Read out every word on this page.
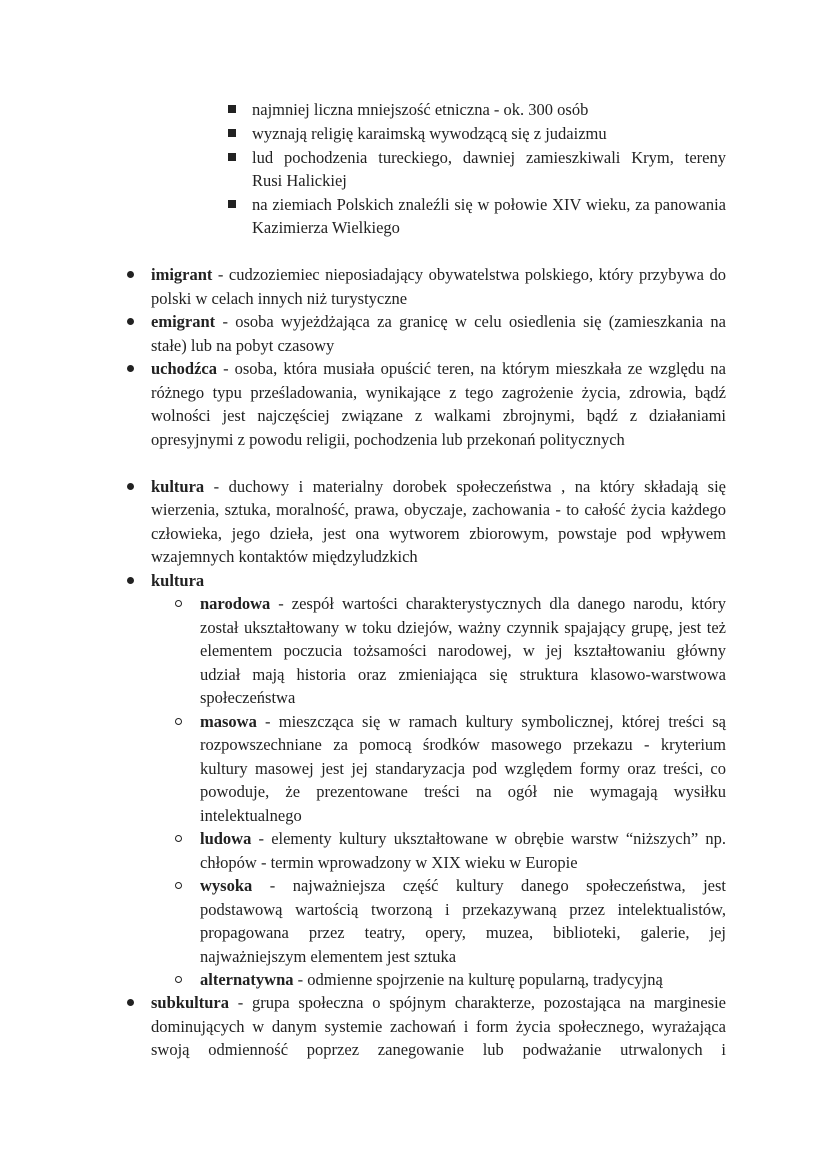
najmniej liczna mniejszość etniczna - ok. 300 osób
wyznają religię karaimską wywodzącą się z judaizmu
lud pochodzenia tureckiego, dawniej zamieszkiwali Krym, tereny
Rusi Halickiej
na ziemiach Polskich znaleźli się w połowie XIV wieku, za panowania
Kazimierza Wielkiego
imigrant - cudzoziemiec nieposiadający obywatelstwa polskiego, który przybywa do
polski w celach innych niż turystyczne
emigrant - osoba wyjeżdżająca za granicę w celu osiedlenia się (zamieszkania na
stałe) lub na pobyt czasowy
uchodźca - osoba, która musiała opuścić teren, na którym mieszkała ze względu na
różnego typu prześladowania, wynikające z tego zagrożenie życia, zdrowia, bądź
wolności jest najczęściej związane z walkami zbrojnymi, bądź z działaniami
opresyjnymi z powodu religii, pochodzenia lub przekonań politycznych
kultura - duchowy i materialny dorobek społeczeństwa , na który składają się
wierzenia, sztuka, moralność, prawa, obyczaje, zachowania - to całość życia każdego
człowieka, jego dzieła, jest ona wytworem zbiorowym, powstaje pod wpływem
wzajemnych kontaktów międzyludzkich
kultura
narodowa - zespół wartości charakterystycznych dla danego narodu, który
został ukształtowany w toku dziejów, ważny czynnik spajający grupę, jest też
elementem poczucia tożsamości narodowej, w jej kształtowaniu główny
udział mają historia oraz zmieniająca się struktura klasowo-warstwowa
społeczeństwa
masowa - mieszcząca się w ramach kultury symbolicznej, której treści są
rozpowszechniane za pomocą środków masowego przekazu - kryterium
kultury masowej jest jej standaryzacja pod względem formy oraz treści, co
powoduje, że prezentowane treści na ogół nie wymagają wysiłku
intelektualnego
ludowa - elementy kultury ukształtowane w obrębie warstw “niższych” np.
chłopów - termin wprowadzony w XIX wieku w Europie
wysoka - najważniejsza część kultury danego społeczeństwa, jest
podstawową wartością tworzoną i przekazywaną przez intelektualistów,
propagowana przez teatry, opery, muzea, biblioteki, galerie, jej
najważniejszym elementem jest sztuka
alternatywna - odmienne spojrzenie na kulturę popularną, tradycyjną
subkultura - grupa społeczna o spójnym charakterze, pozostająca na marginesie
dominujących w danym systemie zachowań i form życia społecznego, wyrażająca
swoją odmienność poprzez zanegowanie lub podważanie utrwalonych i
